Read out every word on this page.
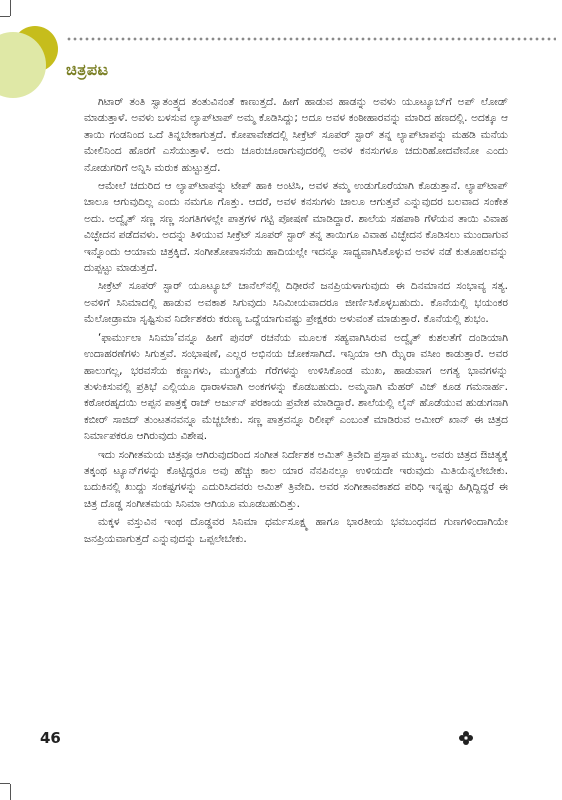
ಚಿತ್ರಪಟ

ಗಿಟಾರ್ ತಂತಿ ಸ್ವಾತಂತ್ರ್ಯದ ತಂತುವಿನಂತೆ ಕಾಣುತ್ತದೆ. ಹೀಗೆ ಹಾಡುವ ಹಾಡನ್ನು ಅವಳು ಯೂಟ್ಯೂಬ್‌ಗೆ ಅಪ್ ಲೋಡ್ ಮಾಡುತ್ತಾಳೆ. ಅವಳು ಬಳಸುವ ಲ್ಯಾಪ್‌ಟಾಪ್ ಅಮ್ಮ ಕೊಡಿಸಿದ್ದು; ಅದೂ ಅವಳ ಕಂಠೀಹಾರವನ್ನು ಮಾರಿದ ಹಣದಲ್ಲಿ. ಅದಕ್ಕೂ ಆ ತಾಯಿ ಗಂಡನಿಂದ ಒದೆ ತಿನ್ನಬೇಕಾಗುತ್ತದೆ. ಕೋಪಾವೇಶದಲ್ಲಿ ಸೀಕ್ರೆಟ್ ಸೂಪರ್ ಸ್ಟಾರ್ ತನ್ನ ಲ್ಯಾಪ್‌ಟಾಪನ್ನು ಮಹಡಿ ಮನೆಯ ಮೇಲಿನಿಂದ ಹೊರಗೆ ಎಸೆಯುತ್ತಾಳೆ. ಅದು ಚೂರುಚೂರಾಗುವುದರಲ್ಲಿ ಅವಳ ಕನಸುಗಳೂ ಚದುರಿಹೋದವೇನೋ ಎಂದು ನೋಡುಗರಿಗೆ ಅನ್ನಿಸಿ ಮರುಕ ಹುಟ್ಟುತ್ತದೆ.

ಆಮೇಲೆ ಚದುರಿದ ಆ ಲ್ಯಾಪ್‌ಟಾಪನ್ನು ಟೇಪ್ ಹಾಕಿ ಅಂಟಿಸಿ, ಅವಳ ತಮ್ಮ ಉಡುಗೊರೆಯಾಗಿ ಕೊಡುತ್ತಾನೆ. ಲ್ಯಾಪ್‌ಟಾಪ್ ಚಾಲೂ ಆಗುವುದಿಲ್ಲ ಎಂದು ನಮಗೂ ಗೊತ್ತು. ಆದರೆ, ಅವಳ ಕನಸುಗಳು ಚಾಲೂ ಆಗುತ್ತವೆ ಎನ್ನುವುದರ ಬಲವಾದ ಸಂಕೇತ ಅದು. ಅದ್ವೈತ್ ಸಣ್ಣ ಸಣ್ಣ ಸಂಗತಿಗಳಲ್ಲೇ ಪಾತ್ರಗಳ ಗಟ್ಟಿ ಪೋಷಣೆ ಮಾಡಿದ್ದಾರೆ. ಶಾಲೆಯ ಸಹಪಾಠಿ ಗೆಳೆಯನ ತಾಯಿ ವಿವಾಹ ವಿಚ್ಛೇದನ ಪಡೆದವಳು. ಅದನ್ನು ತಿಳಿಯುವ ಸೀಕ್ರೆಟ್ ಸೂಪರ್ ಸ್ಟಾರ್ ತನ್ನ ತಾಯಿಗೂ ವಿವಾಹ ವಿಚ್ಛೇದನ ಕೊಡಿಸಲು ಮುಂದಾಗುವ ಇನ್ನೊಂದು ಆಯಾಮ ಚಿತ್ರಕ್ಕಿದೆ. ಸಂಗೀತೋಪಾಸನೆಯ ಹಾದಿಯಲ್ಲೇ ಇದನ್ನೂ ಸಾಧ್ಯವಾಗಿಸಿಕೊಳ್ಳುವ ಅವಳ ನಡೆ ಕುತೂಹಲವನ್ನು ದುಪ್ಪಟ್ಟು ಮಾಡುತ್ತದೆ.

ಸೀಕ್ರೆಟ್ ಸೂಪರ್ ಸ್ಟಾರ್ ಯೂಟ್ಯೂಬ್ ಚಾನೆಲ್‌ನಲ್ಲಿ ದಿಢೀರನೆ ಜನಪ್ರಿಯಳಾಗುವುದು ಈ ದಿನಮಾನದ ಸಂಭಾವ್ಯ ಸತ್ಯ. ಅವಳಿಗೆ ಸಿನಿಮಾದಲ್ಲಿ ಹಾಡುವ ಅವಕಾಶ ಸಿಗುವುದು ಸಿನಿಮೀಯವಾದರೂ ಜೀರ್ಣಿಸಿಕೊಳ್ಳಬಹುದು. ಕೊನೆಯಲ್ಲಿ ಭಯಂಕರ ಮೆಲೋಡ್ರಾಮಾ ಸೃಷ್ಟಿಸುವ ನಿರ್ದೇಶಕರು ಕರುಣ್ಯ ಒದ್ದೆಯಾಗುವಷ್ಟು ಪ್ರೇಕ್ಷಕರು ಅಳುವಂತೆ ಮಾಡುತ್ತಾರೆ. ಕೊನೆಯಲ್ಲಿ ಶುಭಂ.

‘ಫಾರ್ಮುಲಾ ಸಿನಿಮಾ’ವನ್ನೂ ಹೀಗೆ ಪುನರ್ ರಚನೆಯ ಮೂಲಕ ಸಹ್ಯವಾಗಿಸಿರುವ ಅದ್ವೈತ್ ಕುಶಲತೆಗೆ ದಂಡಿಯಾಗಿ ಉದಾಹರಣೆಗಳು ಸಿಗುತ್ತವೆ. ಸಂಭಾಷಣೆ, ಎಲ್ಲರ ಅಭಿನಯ ಚೋಕಸಾಗಿದೆ. ಇನ್ಸಿಯಾ ಆಗಿ ಝೈರಾ ವಸೀಂ ಕಾಡುತ್ತಾರೆ. ಅವರ ಹಾಲುಗಲ್ಲ, ಭರವಸೆಯ ಕಣ್ಣುಗಳು, ಮುಗ್ಧತೆಯ ಗೆರೆಗಳನ್ನು ಉಳಿಸಿಕೊಂಡ ಮುಖ, ಹಾಡುವಾಗ ಅಗತ್ಯ ಭಾವಗಳನ್ನು ತುಳುಕಿಸುವಲ್ಲಿ ಪ್ರತಿಭೆ ಎಲ್ಲಿಯೂ ಧಾರಾಳವಾಗಿ ಅಂಕಗಳನ್ನು ಕೊಡಬಹುದು. ಅಮ್ಮನಾಗಿ ಮೆಹರ್ ವಿಜ್ ಕೂಡ ಗಮನಾರ್ಹ. ಕಠೋರಹೃದಯಿ ಅಪ್ಪನ ಪಾತ್ರಕ್ಕೆ ರಾಜ್ ಅರ್ಜುನ್ ಪರಕಾಯ ಪ್ರವೇಶ ಮಾಡಿದ್ದಾರೆ. ಶಾಲೆಯಲ್ಲಿ ಲೈನ್ ಹೊಡೆಯುವ ಹುಡುಗನಾಗಿ ಕಬೀರ್ ಸಾಜಿದ್ ತುಂಟತನವನ್ನೂ ಮೆಚ್ಚಬೇಕು. ಸಣ್ಣ ಪಾತ್ರವನ್ನೂ ರಿಲೀಫ್ ಎಂಬಂತೆ ಮಾಡಿರುವ ಅಮೀರ್ ಖಾನ್ ಈ ಚಿತ್ರದ ನಿರ್ಮಾಪಕರೂ ಆಗಿರುವುದು ವಿಶೇಷ.

ಇದು ಸಂಗೀತಮಯ ಚಿತ್ರವೂ ಆಗಿರುವುದರಿಂದ ಸಂಗೀತ ನಿರ್ದೇಶಕ ಅಮಿತ್ ತ್ರಿವೇದಿ ಪ್ರಸ್ತಾಪ ಮುಖ್ಯ. ಅವರು ಚಿತ್ರದ ಔಚಿತ್ಯಕ್ಕೆ ತಕ್ಕಂಥ ಟ್ಯೂನ್‌ಗಳನ್ನು ಕೊಟ್ಟಿದ್ದರೂ ಅವು ಹೆಚ್ಚು ಕಾಲ ಯಾರ ನೆನಪಿನಲ್ಲೂ ಉಳಿಯದೇ ಇರುವುದು ಮಿತಿಯೆನ್ನಲೇಬೇಕು. ಬದುಕಿನಲ್ಲಿ ಖುದ್ದು ಸಂಕಷ್ಟಗಳನ್ನು ಎದುರಿಸಿದವರು ಅಮಿತ್ ತ್ರಿವೇದಿ. ಅವರ ಸಂಗೀತಾವಕಾಶದ ಪರಿಧಿ ಇನ್ನಷ್ಟು ಹಿಗ್ಗಿದ್ದಿದ್ದರೆ ಈ ಚಿತ್ರ ದೊಡ್ಡ ಸಂಗೀತಮಯ ಸಿನಿಮಾ ಆಗಿಯೂ ಮೂಡಬಹುದಿತ್ತು.

ಮಕ್ಕಳ ವಸ್ತುವಿನ ಇಂಥ ದೊಡ್ಡವರ ಸಿನಿಮಾ ಧರ್ಮಸೂಕ್ಷ್ಮ ಹಾಗೂ ಭಾರತೀಯ ಭವಬಂಧನದ ಗುಣಗಳಿಂದಾಗಿಯೇ ಜನಪ್ರಿಯವಾಗುತ್ತದೆ ಎನ್ನುವುದನ್ನು ಒಪ್ಪಲೇಬೇಕು.

46
